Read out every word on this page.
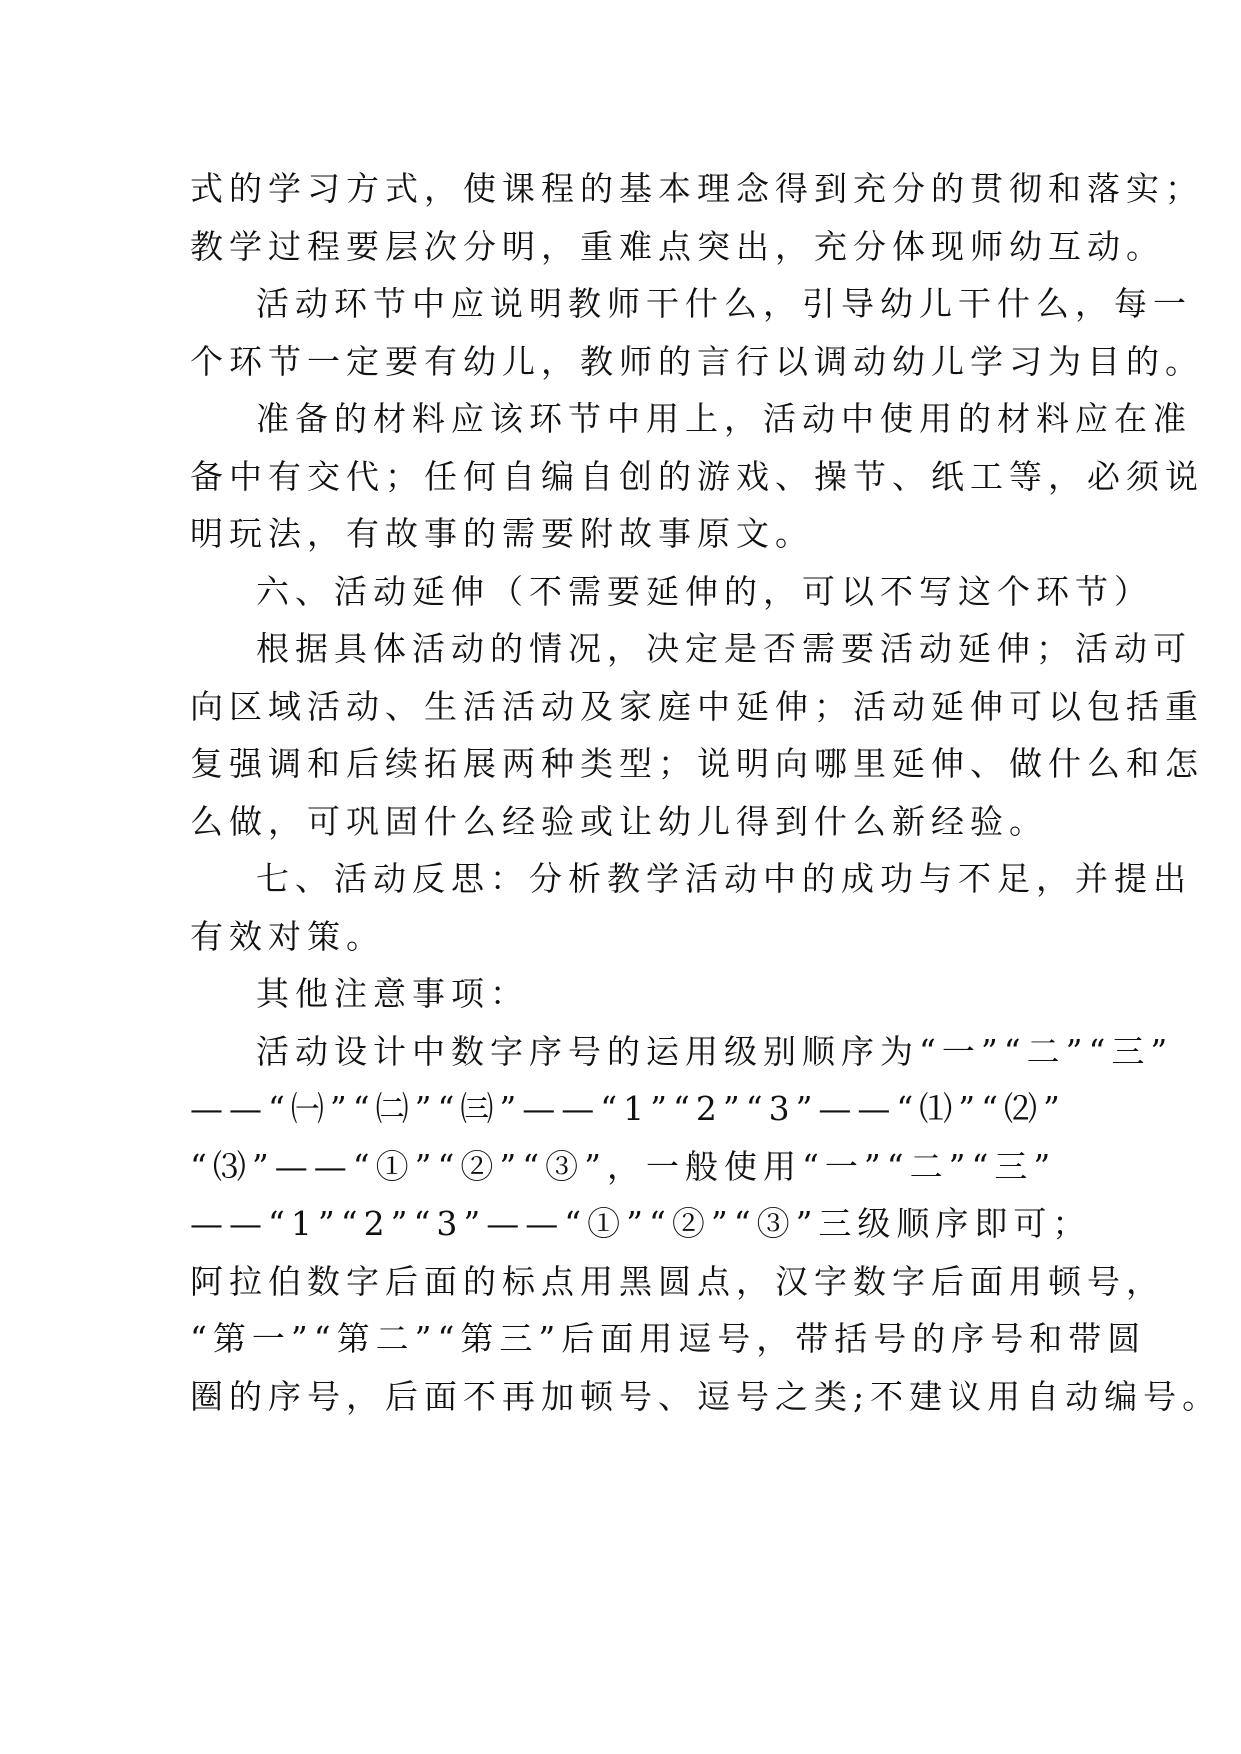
式的学习方式，使课程的基本理念得到充分的贯彻和落实；
教学过程要层次分明，重难点突出，充分体现师幼互动。

活动环节中应说明教师干什么，引导幼儿干什么，每一
个环节一定要有幼儿，教师的言行以调动幼儿学习为目的。

准备的材料应该环节中用上，活动中使用的材料应在准
备中有交代；任何自编自创的游戏、操节、纸工等，必须说
明玩法，有故事的需要附故事原文。

六、活动延伸（不需要延伸的，可以不写这个环节）

根据具体活动的情况，决定是否需要活动延伸；活动可
向区域活动、生活活动及家庭中延伸；活动延伸可以包括重
复强调和后续拓展两种类型；说明向哪里延伸、做什么和怎
么做，可巩固什么经验或让幼儿得到什么新经验。

七、活动反思：分析教学活动中的成功与不足，并提出
有效对策。

其他注意事项：

活动设计中数字序号的运用级别顺序为“一”“二”“三”
——“㈠”“㈡”“㈢”——“1”“2”“3”——“⑴”“⑵”
“⑶”——“①”“②”“③”，一般使用“一”“二”“三”
——“1”“2”“3”——“①”“②”“③”三级顺序即可；
阿拉伯数字后面的标点用黑圆点，汉字数字后面用顿号，
“第一”“第二”“第三”后面用逗号，带括号的序号和带圆
圈的序号，后面不再加顿号、逗号之类;不建议用自动编号。
